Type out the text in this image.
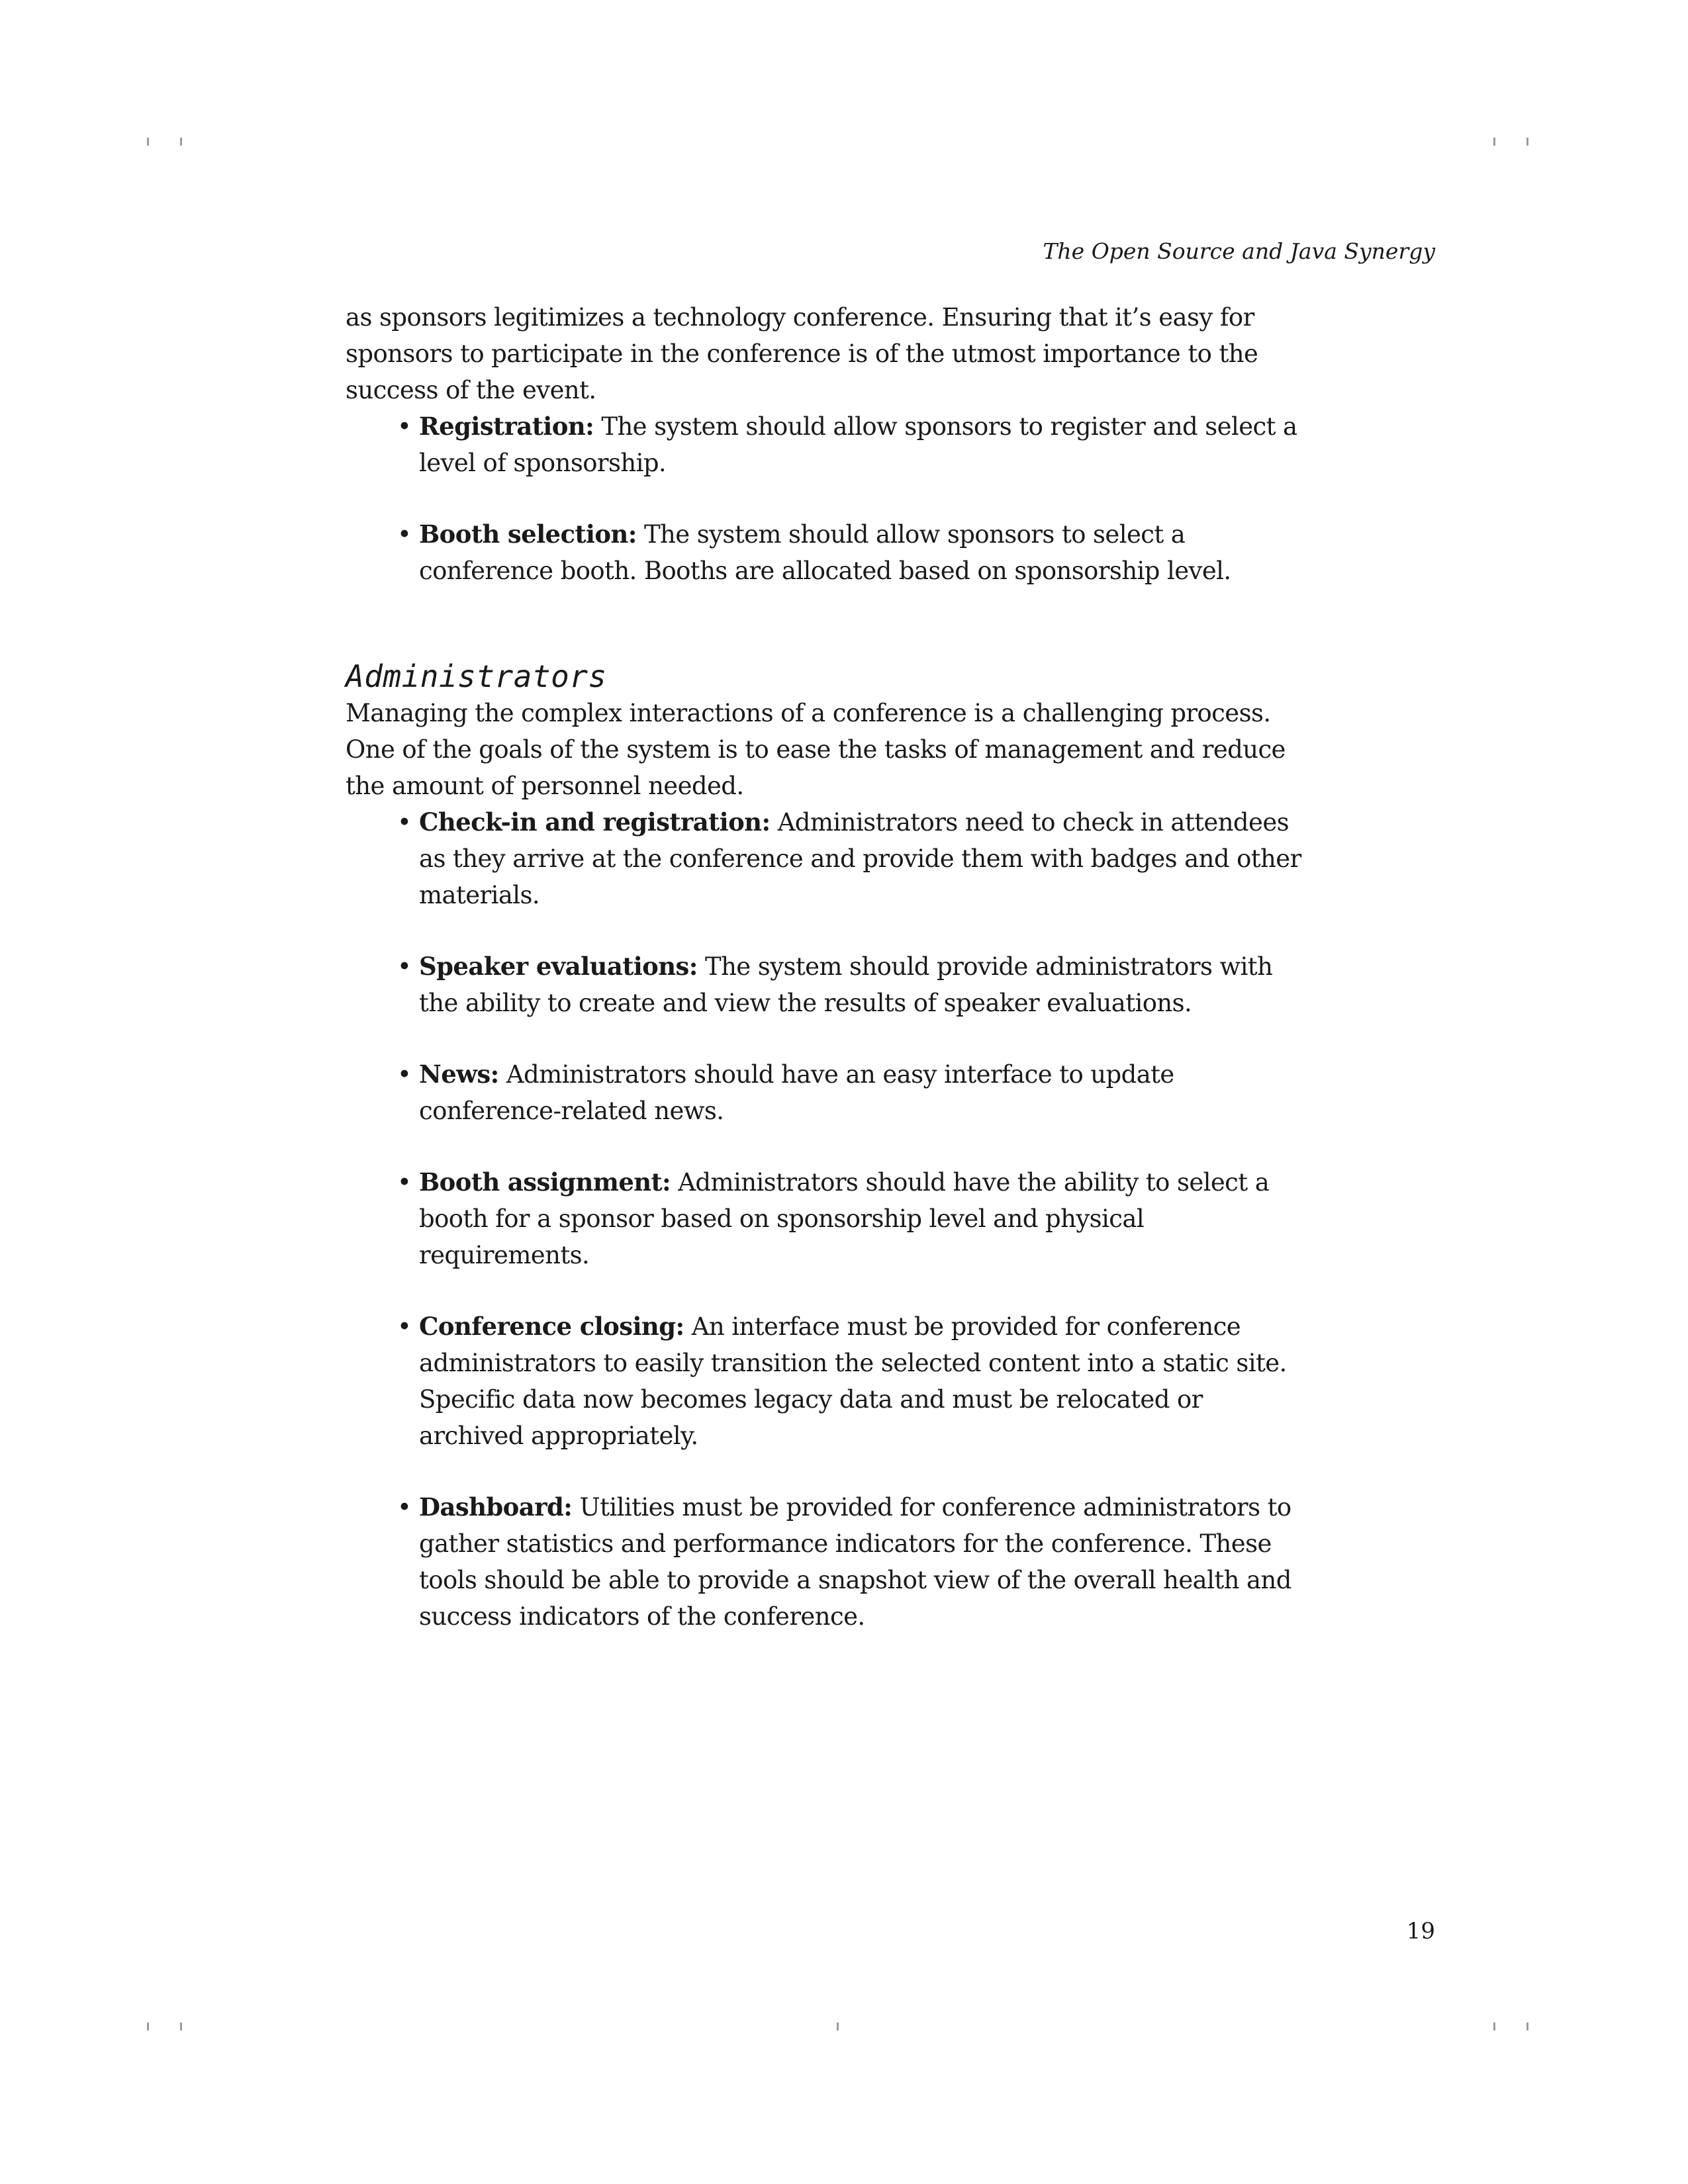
The Open Source and Java Synergy

as sponsors legitimizes a technology conference. Ensuring that it’s easy for sponsors to participate in the conference is of the utmost importance to the success of the event.

• Registration: The system should allow sponsors to register and select a level of sponsorship.
• Booth selection: The system should allow sponsors to select a conference booth. Booths are allocated based on sponsorship level.
Administrators

Managing the complex interactions of a conference is a challenging process. One of the goals of the system is to ease the tasks of management and reduce the amount of personnel needed.

• Check-in and registration: Administrators need to check in attendees as they arrive at the conference and provide them with badges and other materials.
• Speaker evaluations: The system should provide administrators with the ability to create and view the results of speaker evaluations.
• News: Administrators should have an easy interface to update conference-related news.
• Booth assignment: Administrators should have the ability to select a booth for a sponsor based on sponsorship level and physical requirements.
• Conference closing: An interface must be provided for conference administrators to easily transition the selected content into a static site. Specific data now becomes legacy data and must be relocated or archived appropriately.
• Dashboard: Utilities must be provided for conference administrators to gather statistics and performance indicators for the conference. These tools should be able to provide a snapshot view of the overall health and success indicators of the conference.
19
